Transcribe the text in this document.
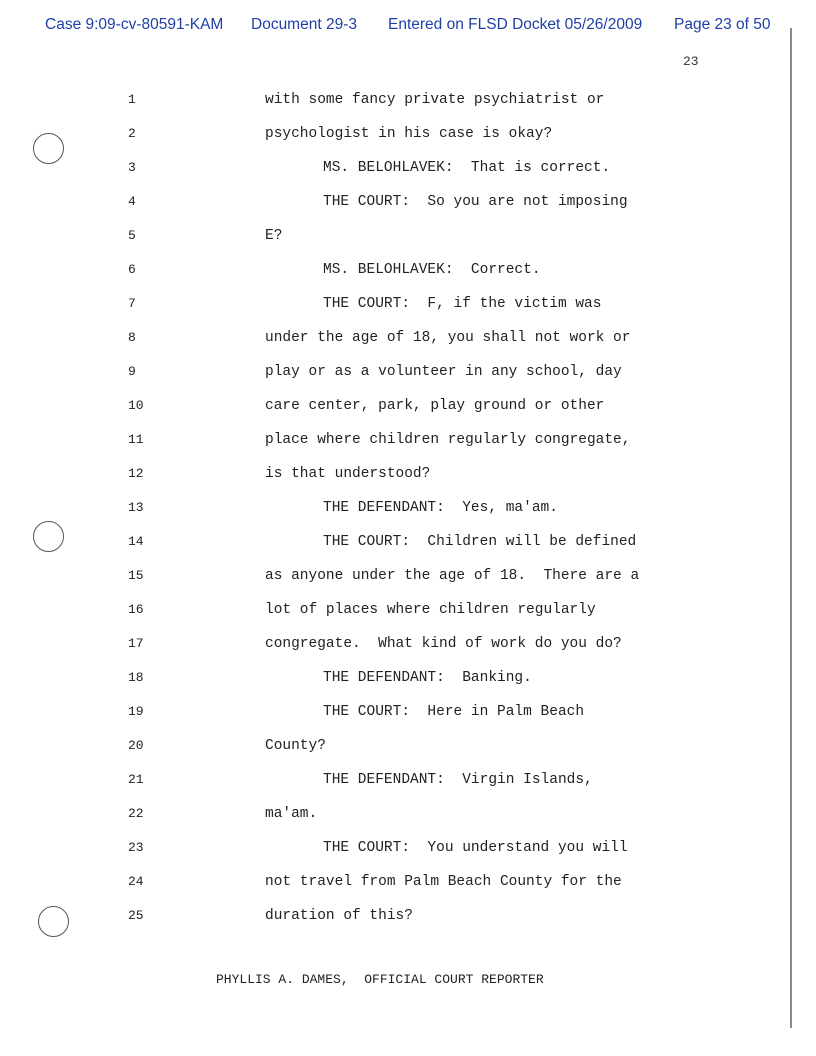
Case 9:09-cv-80591-KAM Document 29-3 Entered on FLSD Docket 05/26/2009 Page 23 of 50
23

1

	with some fancy private psychiatrist or

2

	psychologist in his case is okay?

3

	MS. BELOHLAVEK:  That is correct.

4

	THE COURT:  So you are not imposing

5

	E?

6

	MS. BELOHLAVEK:  Correct.

7

	THE COURT:  F, if the victim was

8

	under the age of 18, you shall not work or

9

	play or as a volunteer in any school, day

10

	care center, park, play ground or other

11

	place where children regularly congregate,

12

	is that understood?

13

	THE DEFENDANT:  Yes, ma'am.

14

	THE COURT:  Children will be defined

15

	as anyone under the age of 18.  There are a

16

	lot of places where children regularly

17

	congregate.  What kind of work do you do?

18

	THE DEFENDANT:  Banking.

19

	THE COURT:  Here in Palm Beach

20

	County?

21

	THE DEFENDANT:  Virgin Islands,

22

	ma'am.

23

	THE COURT:  You understand you will

24

	not travel from Palm Beach County for the

25

	duration of this?

PHYLLIS A. DAMES,  OFFICIAL COURT REPORTER
